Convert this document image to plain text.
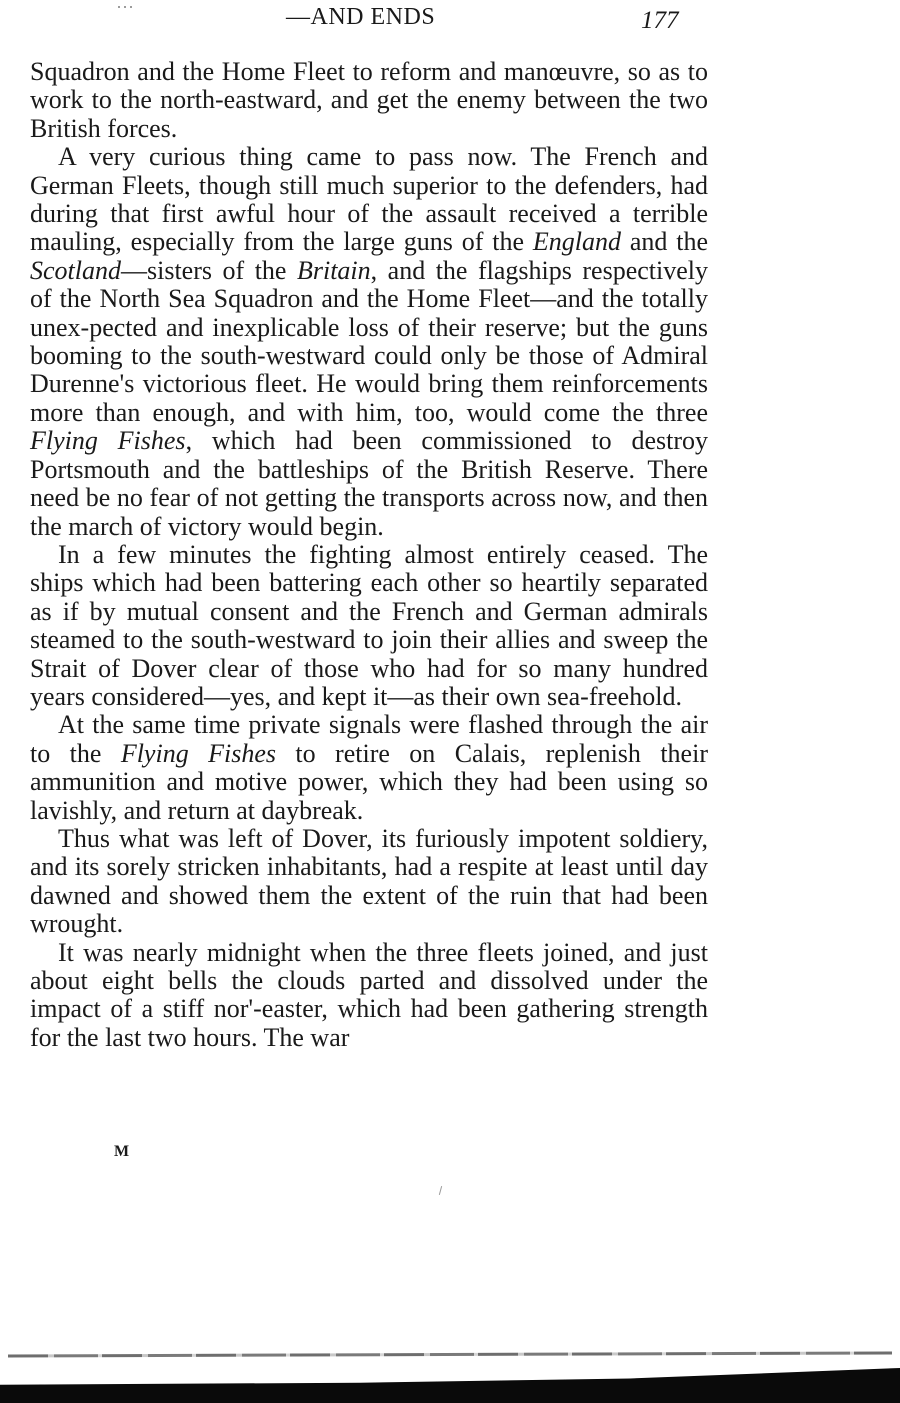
—AND ENDS	177

Squadron and the Home Fleet to reform and manœuvre, so as to work to the north-eastward, and get the enemy between the two British forces.

A very curious thing came to pass now. The French and German Fleets, though still much superior to the defenders, had during that first awful hour of the assault received a terrible mauling, especially from the large guns of the England and the Scotland—sisters of the Britain, and the flagships respectively of the North Sea Squadron and the Home Fleet—and the totally unex-pected and inexplicable loss of their reserve; but the guns booming to the south-westward could only be those of Admiral Durenne's victorious fleet. He would bring them reinforcements more than enough, and with him, too, would come the three Flying Fishes, which had been commissioned to destroy Portsmouth and the battleships of the British Reserve. There need be no fear of not getting the transports across now, and then the march of victory would begin.

In a few minutes the fighting almost entirely ceased. The ships which had been battering each other so heartily separated as if by mutual consent and the French and German admirals steamed to the south-westward to join their allies and sweep the Strait of Dover clear of those who had for so many hundred years considered—yes, and kept it—as their own sea-freehold.

At the same time private signals were flashed through the air to the Flying Fishes to retire on Calais, replenish their ammunition and motive power, which they had been using so lavishly, and return at daybreak.

Thus what was left of Dover, its furiously impotent soldiery, and its sorely stricken inhabitants, had a respite at least until day dawned and showed them the extent of the ruin that had been wrought.

It was nearly midnight when the three fleets joined, and just about eight bells the clouds parted and dissolved under the impact of a stiff nor'-easter, which had been gathering strength for the last two hours. The war

M
